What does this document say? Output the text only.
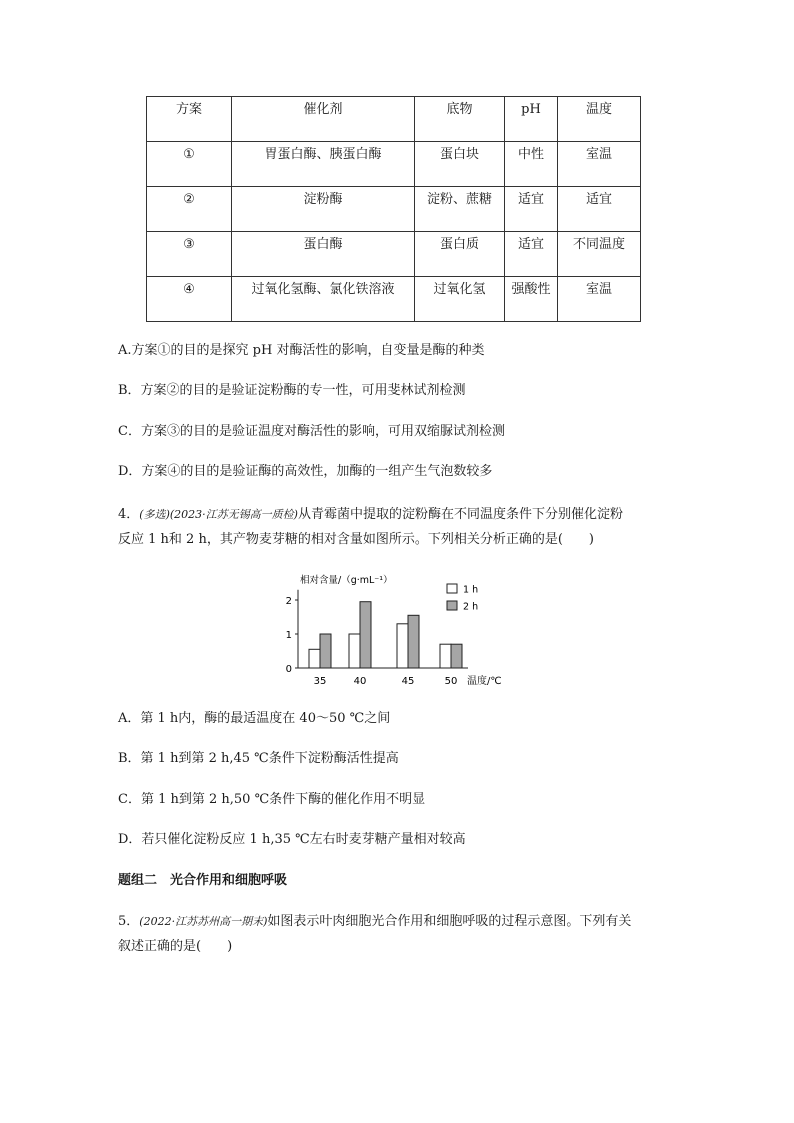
方案	催化剂	底物	pH	温度
①	胃蛋白酶、胰蛋白酶	蛋白块	中性	室温
②	淀粉酶	淀粉、蔗糖	适宜	适宜
③	蛋白酶	蛋白质	适宜	不同温度
④	过氧化氢酶、氯化铁溶液	过氧化氢	强酸性	室温
A.方案①的目的是探究 pH 对酶活性的影响，自变量是酶的种类
B．方案②的目的是验证淀粉酶的专一性，可用斐林试剂检测
C．方案③的目的是验证温度对酶活性的影响，可用双缩脲试剂检测
D．方案④的目的是验证酶的高效性，加酶的一组产生气泡数较多
4．(多选)(2023·江苏无锡高一质检)从青霉菌中提取的淀粉酶在不同温度条件下分别催化淀粉
反应 1 h和 2 h，其产物麦芽糖的相对含量如图所示。下列相关分析正确的是(　　)
0
1
2
相对含量/（g·mL⁻¹）
35	40	45	50 温度/℃
1 h
2 h
A．第 1 h内，酶的最适温度在 40～50 ℃之间
B．第 1 h到第 2 h,45 ℃条件下淀粉酶活性提高
C．第 1 h到第 2 h,50 ℃条件下酶的催化作用不明显
D．若只催化淀粉反应 1 h,35 ℃左右时麦芽糖产量相对较高
题组二　光合作用和细胞呼吸
5．(2022·江苏苏州高一期末)如图表示叶肉细胞光合作用和细胞呼吸的过程示意图。下列有关
叙述正确的是(　　)
